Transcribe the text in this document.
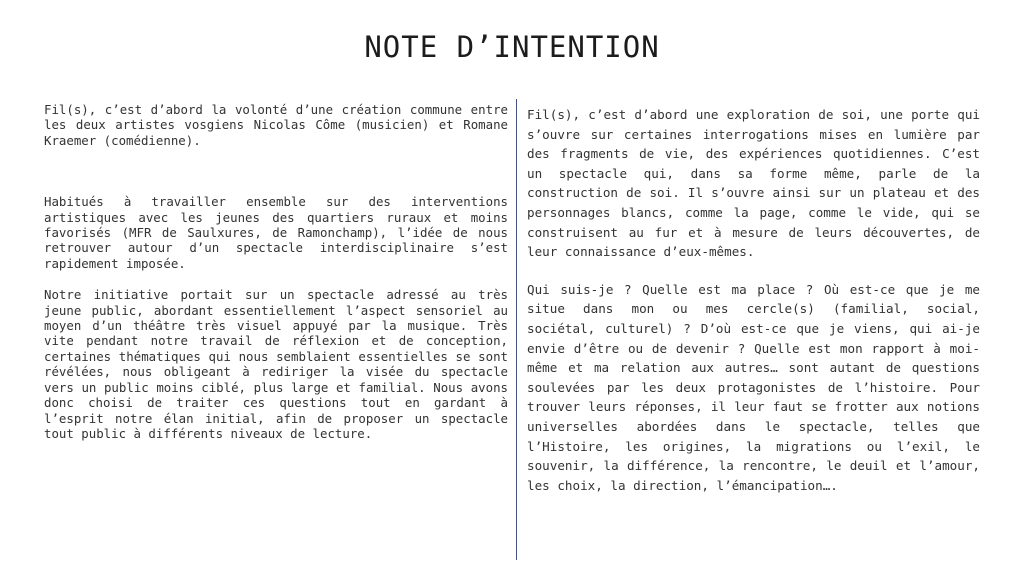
NOTE D’INTENTION

Fil(s), c’est d’abord la volonté d’une création commune entre les deux artistes vosgiens Nicolas Côme (musicien) et Romane Kraemer (comédienne).

Habitués à travailler ensemble sur des interventions artistiques avec les jeunes des quartiers ruraux et moins favorisés (MFR de Saulxures, de Ramonchamp), l’idée de nous retrouver autour d’un spectacle interdisciplinaire s’est rapidement imposée.

Notre initiative portait sur un spectacle adressé au très jeune public, abordant essentiellement l’aspect sensoriel au moyen d’un théâtre très visuel appuyé par la musique. Très vite pendant notre travail de réflexion et de conception, certaines thématiques qui nous semblaient essentielles se sont révélées, nous obligeant à rediriger la visée du spectacle vers un public moins ciblé, plus large et familial. Nous avons donc choisi de traiter ces questions tout en gardant à l’esprit notre élan initial, afin de proposer un spectacle tout public à différents niveaux de lecture.

Fil(s), c’est d’abord une exploration de soi, une porte qui s’ouvre sur certaines interrogations mises en lumière par des fragments de vie, des expériences quotidiennes. C’est un spectacle qui, dans sa forme même, parle de la construction de soi. Il s’ouvre ainsi sur un plateau et des personnages blancs, comme la page, comme le vide, qui se construisent au fur et à mesure de leurs découvertes, de leur connaissance d’eux-mêmes.

Qui suis-je ? Quelle est ma place ? Où est-ce que je me situe dans mon ou mes cercle(s) (familial, social, sociétal, culturel) ? D’où est-ce que je viens, qui ai-je envie d’être ou de devenir ? Quelle est mon rapport à moi-même et ma relation aux autres… sont autant de questions soulevées par les deux protagonistes de l’histoire. Pour trouver leurs réponses, il leur faut se frotter aux notions universelles abordées dans le spectacle, telles que l’Histoire, les origines, la migrations ou l’exil, le souvenir, la différence, la rencontre, le deuil et l’amour, les choix, la direction, l’émancipation….
